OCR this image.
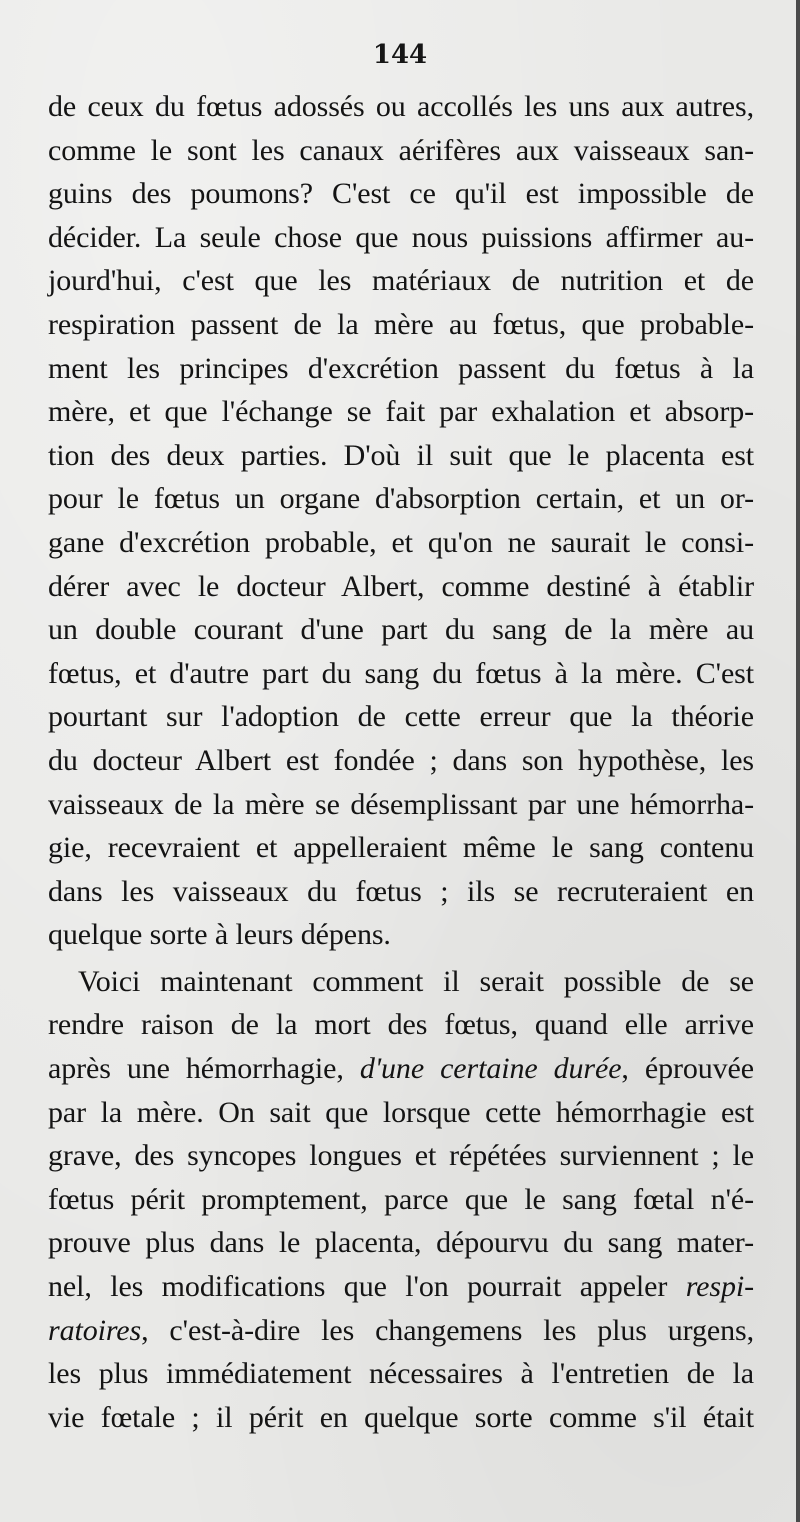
144
de ceux du fœtus adossés ou accollés les uns aux autres,
comme le sont les canaux aérifères aux vaisseaux san-
guins des poumons? C'est ce qu'il est impossible de
décider. La seule chose que nous puissions affirmer au-
jourd'hui, c'est que les matériaux de nutrition et de
respiration passent de la mère au fœtus, que probable-
ment les principes d'excrétion passent du fœtus à la
mère, et que l'échange se fait par exhalation et absorp-
tion des deux parties. D'où il suit que le placenta est
pour le fœtus un organe d'absorption certain, et un or-
gane d'excrétion probable, et qu'on ne saurait le consi-
dérer avec le docteur Albert, comme destiné à établir
un double courant d'une part du sang de la mère au
fœtus, et d'autre part du sang du fœtus à la mère. C'est
pourtant sur l'adoption de cette erreur que la théorie
du docteur Albert est fondée ; dans son hypothèse, les
vaisseaux de la mère se désemplissant par une hémorrha-
gie, recevraient et appelleraient même le sang contenu
dans les vaisseaux du fœtus ; ils se recruteraient en
quelque sorte à leurs dépens.
Voici maintenant comment il serait possible de se
rendre raison de la mort des fœtus, quand elle arrive
après une hémorrhagie, d'une certaine durée, éprouvée
par la mère. On sait que lorsque cette hémorrhagie est
grave, des syncopes longues et répétées surviennent ; le
fœtus périt promptement, parce que le sang fœtal n'é-
prouve plus dans le placenta, dépourvu du sang mater-
nel, les modifications que l'on pourrait appeler respi-
ratoires, c'est-à-dire les changemens les plus urgens,
les plus immédiatement nécessaires à l'entretien de la
vie fœtale ; il périt en quelque sorte comme s'il était
